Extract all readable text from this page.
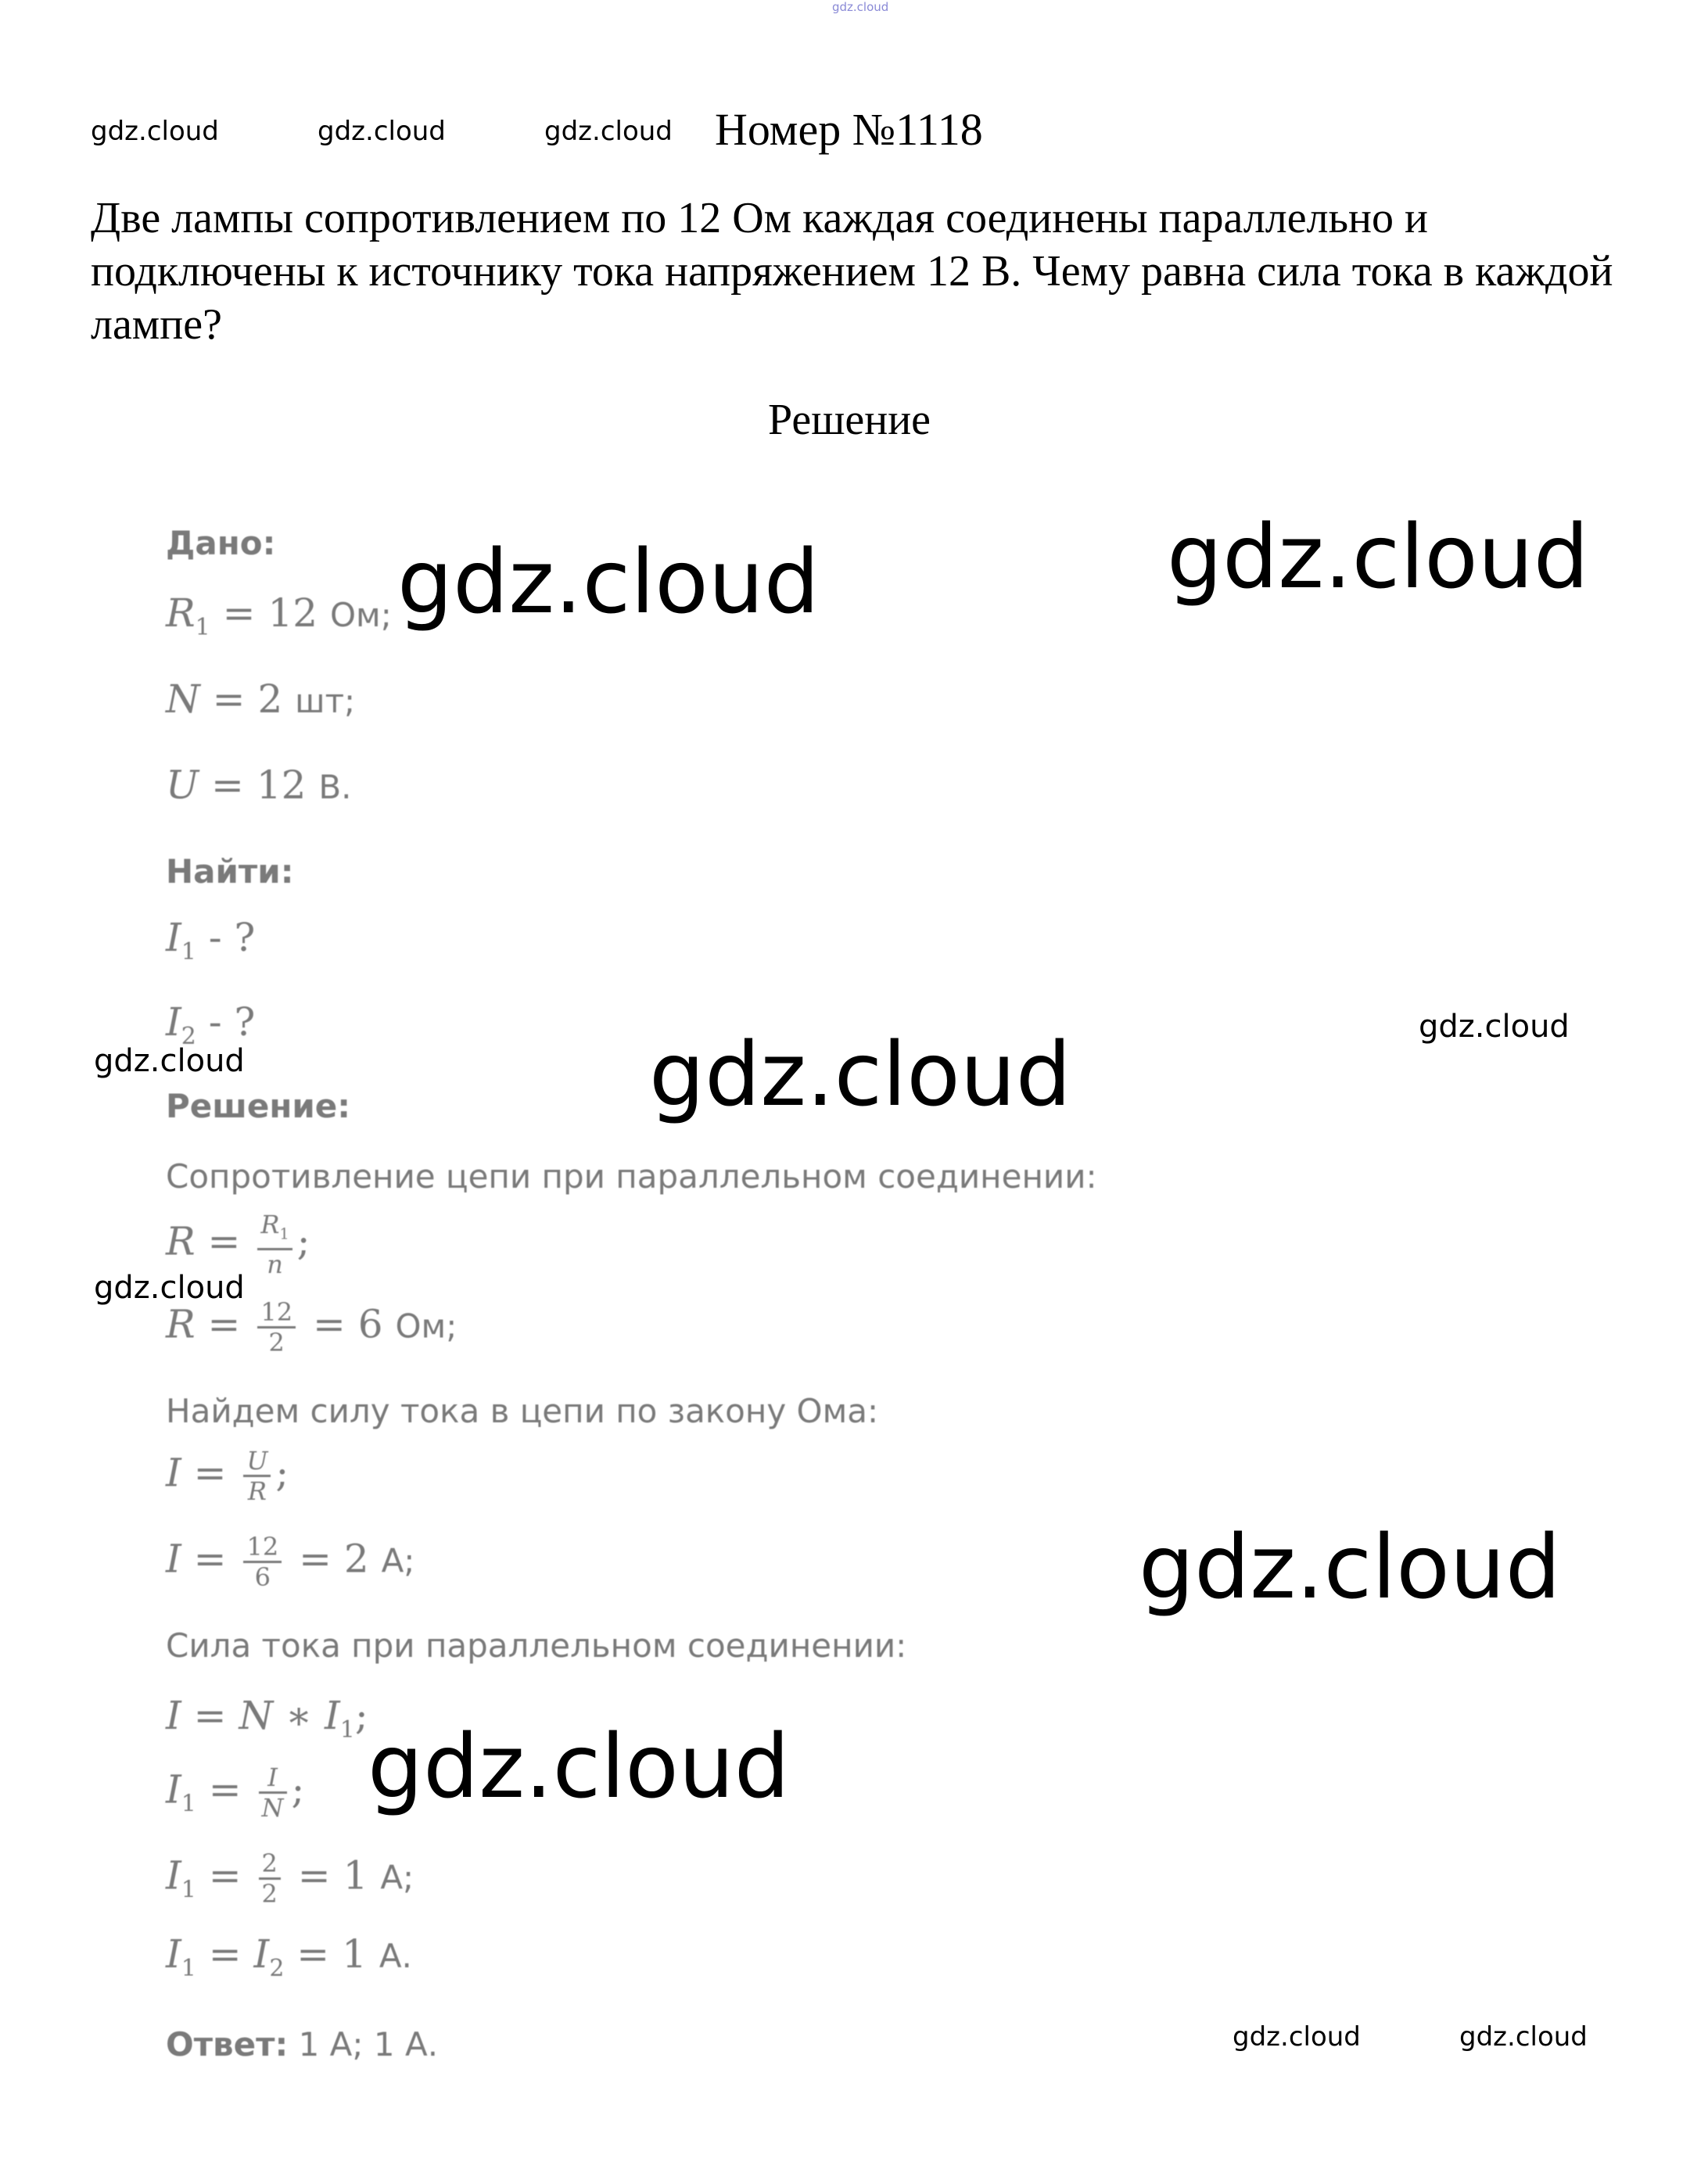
gdz.cloud
gdz.cloud	gdz.cloud	gdz.cloud Номер №1118
Две лампы сопротивлением по 12 Ом каждая соединены параллельно и подключены к источнику тока напряжением 12 В. Чему равна сила тока в каждой лампе?
Решение
Дано:
$R_1 = 12$ Ом;
N = 2 шт;
U = 12 В.
Найти:
$I_1$ - ?
$I_2$ - ?
Решение:
Сопротивление цепи при параллельном соединении:
$R = \frac{R_1}{n}$ ;
$R = \frac{12}{2} = 6$ Ом;
Найдем силу тока в цепи по закону Ома:
$I = \frac{U}{R}$ ;
$I = \frac{12}{6} = 2$ А;
Сила тока при параллельном соединении:
I = N ∗ $I_1$;
$I_1 = \frac{I}{N}$ ;
$I_1 = \frac{2}{2} = 1$ А;
$I_1 = I_2 = 1$ А.
Ответ: 1 А; 1 А.
gdz.cloud	gdz.cloud
gdz.cloud
gdz.cloud
gdz.cloud
gdz.cloud
gdz.cloud
gdz.cloud
gdz.cloud	gdz.cloud
